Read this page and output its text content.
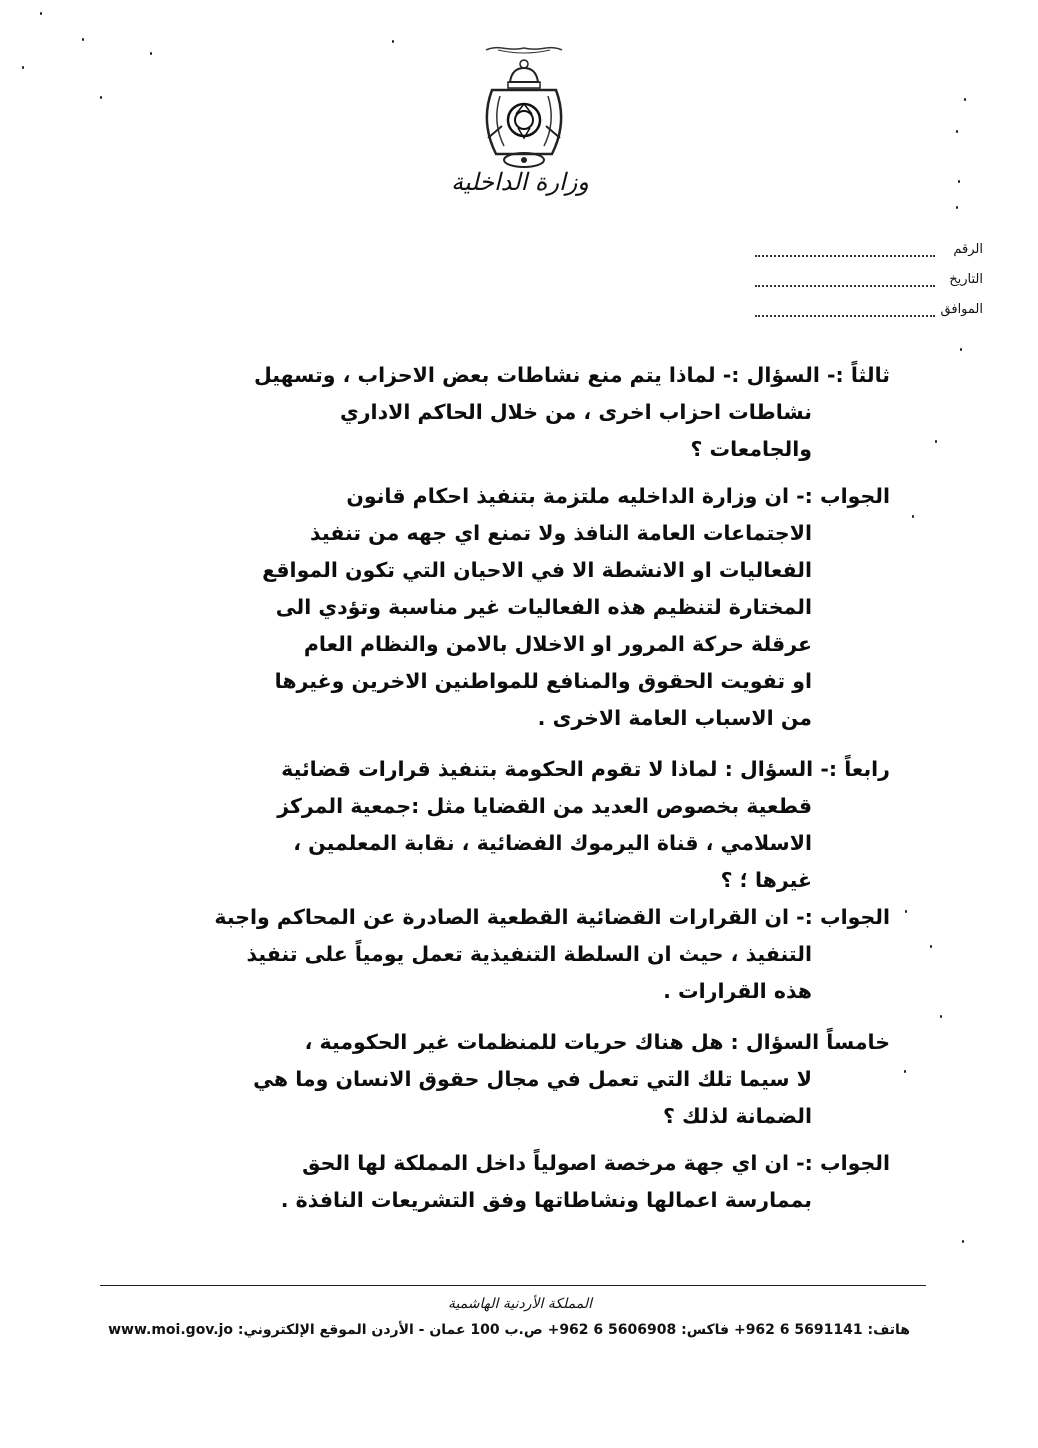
وزارة الداخلية
الرقم
التاريخ
الموافق
ثالثاً :- السؤال :- لماذا يتم منع نشاطات بعض الاحزاب ، وتسهيل
نشاطات احزاب اخرى ، من خلال الحاكم الاداري
والجامعات ؟
الجواب :- ان وزارة الداخليه ملتزمة بتنفيذ احكام قانون
الاجتماعات العامة النافذ ولا تمنع اي جهه من تنفيذ
الفعاليات او الانشطة الا في الاحيان التي تكون المواقع
المختارة لتنظيم هذه الفعاليات غير مناسبة وتؤدي الى
عرقلة حركة المرور او الاخلال بالامن والنظام العام
او تفويت الحقوق والمنافع للمواطنين الاخرين وغيرها
من الاسباب العامة الاخرى .
رابعاً :- السؤال : لماذا لا تقوم الحكومة بتنفيذ قرارات قضائية
قطعية بخصوص العديد من القضايا مثل :جمعية المركز
الاسلامي ، قناة اليرموك الفضائية ، نقابة المعلمين ،
غيرها ؛ ؟
الجواب :- ان القرارات القضائية القطعية الصادرة عن المحاكم واجبة
التنفيذ ، حيث ان السلطة التنفيذية تعمل يومياً على تنفيذ
هذه القرارات .
خامساً السؤال : هل هناك حريات للمنظمات غير الحكومية ،
لا سيما تلك التي تعمل في مجال حقوق الانسان وما هي
الضمانة لذلك ؟
الجواب :- ان اي جهة مرخصة اصولياً داخل المملكة لها الحق
بممارسة اعمالها ونشاطاتها وفق التشريعات النافذة .
المملكة الأردنية الهاشمية
هاتف: 5691141 6 962+ فاكس: 5606908 6 962+ ص.ب 100 عمان - الأردن الموقع الإلكتروني: www.moi.gov.jo
